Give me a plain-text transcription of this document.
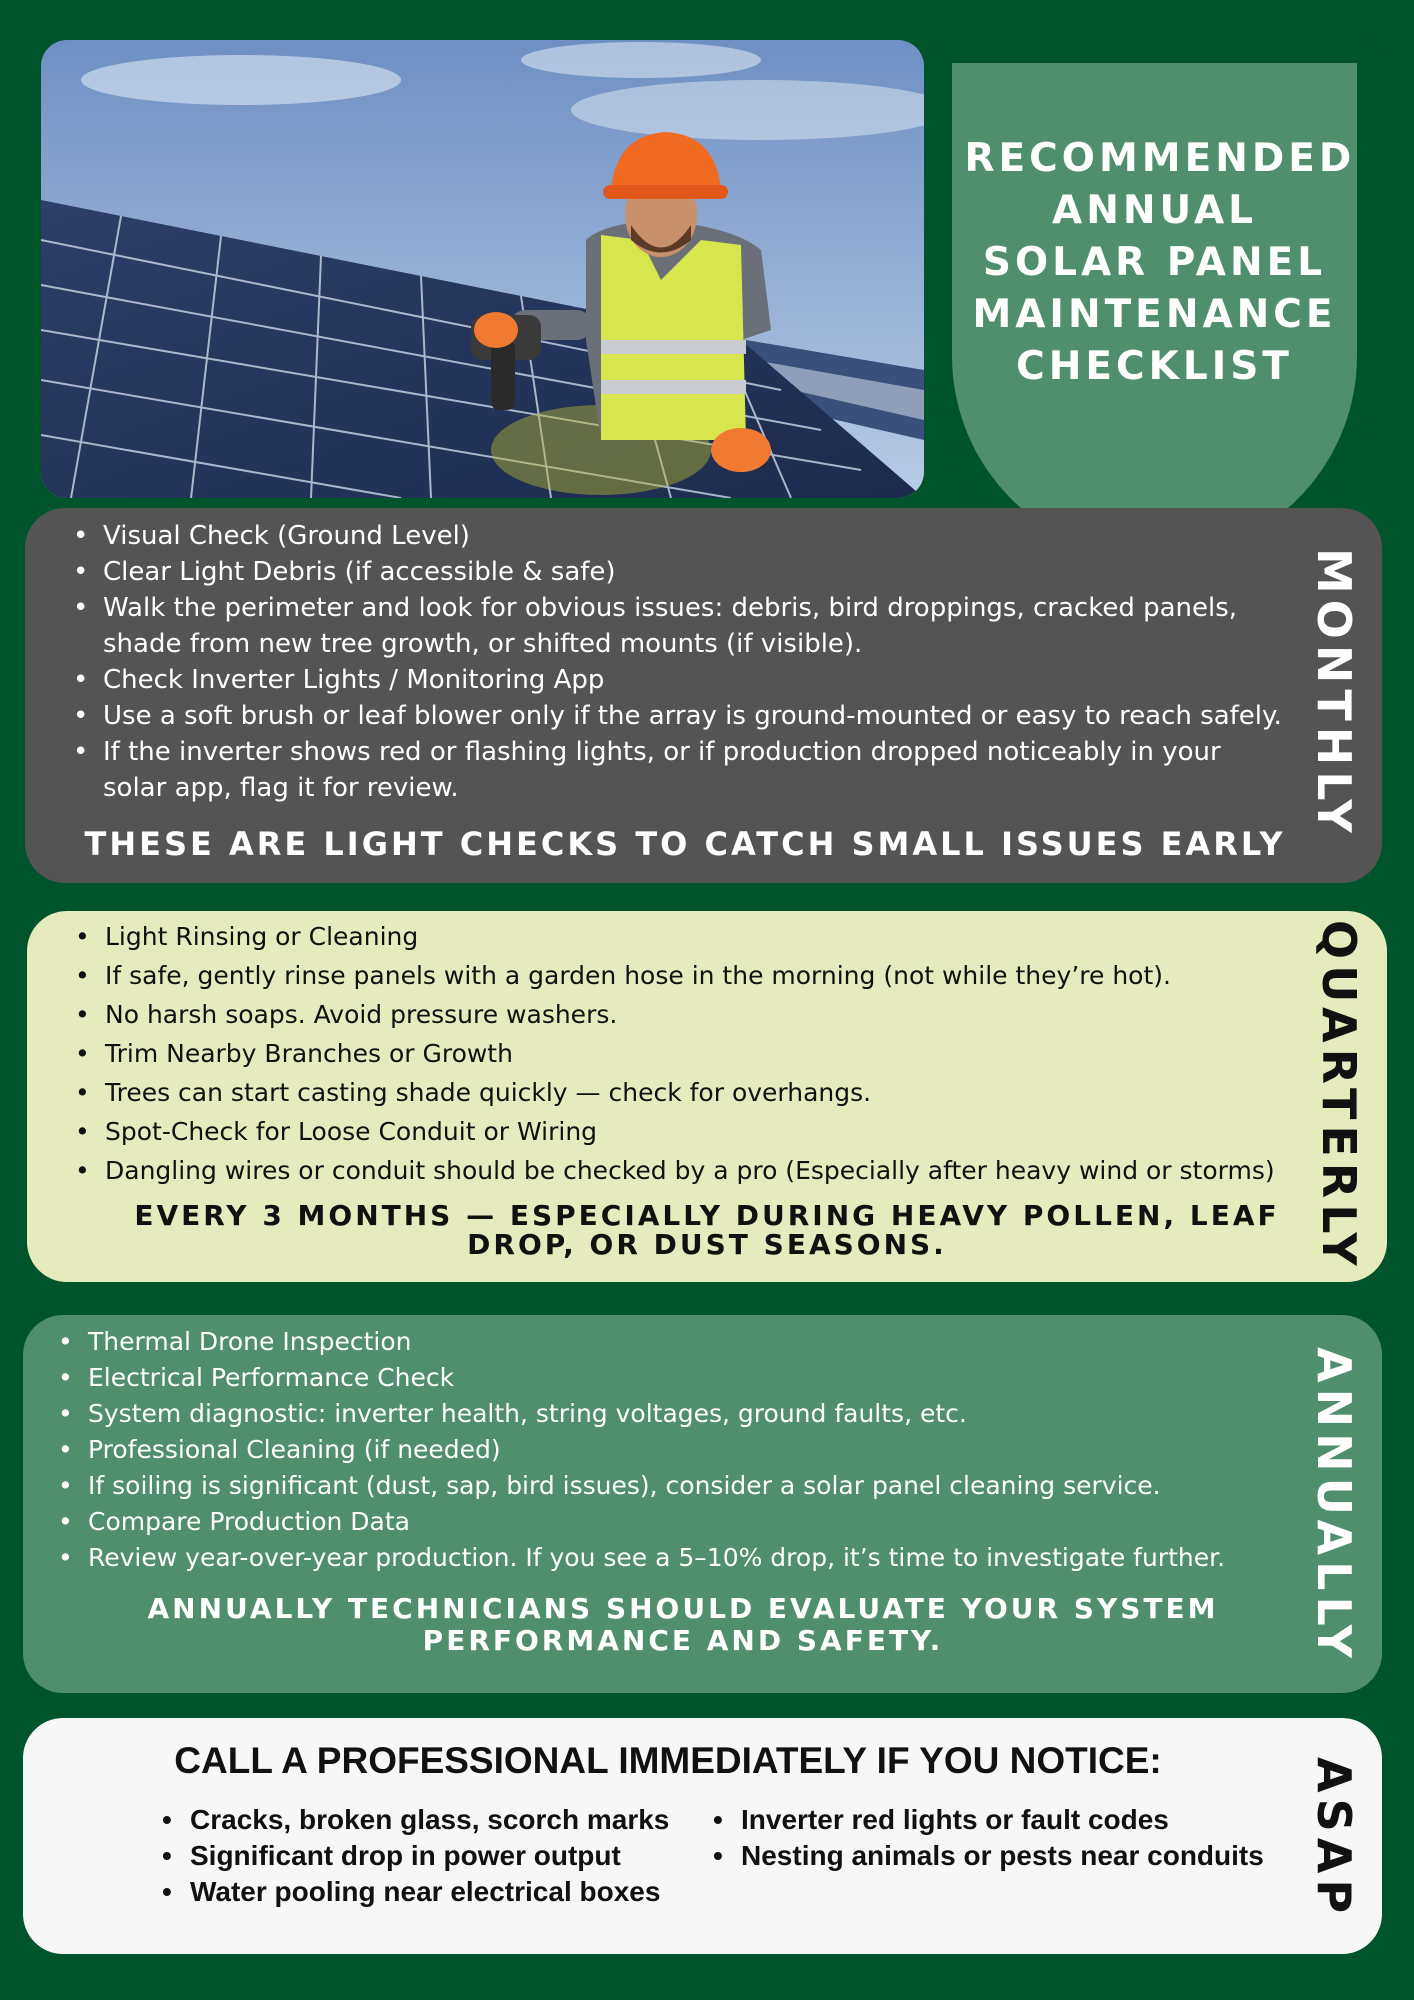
RECOMMENDED ANNUAL SOLAR PANEL MAINTENANCE CHECKLIST
• Visual Check (Ground Level)
• Clear Light Debris (if accessible & safe)
• Walk the perimeter and look for obvious issues: debris, bird droppings, cracked panels, shade from new tree growth, or shifted mounts (if visible).
• Check Inverter Lights / Monitoring App
• Use a soft brush or leaf blower only if the array is ground-mounted or easy to reach safely.
• If the inverter shows red or flashing lights, or if production dropped noticeably in your solar app, flag it for review.
THESE ARE LIGHT CHECKS TO CATCH SMALL ISSUES EARLY
MONTHLY
• Light Rinsing or Cleaning
• If safe, gently rinse panels with a garden hose in the morning (not while they’re hot).
• No harsh soaps. Avoid pressure washers.
• Trim Nearby Branches or Growth
• Trees can start casting shade quickly — check for overhangs.
• Spot-Check for Loose Conduit or Wiring
• Dangling wires or conduit should be checked by a pro (Especially after heavy wind or storms)
EVERY 3 MONTHS — ESPECIALLY DURING HEAVY POLLEN, LEAF DROP, OR DUST SEASONS.	QUARTERLY
• Thermal Drone Inspection
• Electrical Performance Check
• System diagnostic: inverter health, string voltages, ground faults, etc.
• Professional Cleaning (if needed)
• If soiling is significant (dust, sap, bird issues), consider a solar panel cleaning service.
• Compare Production Data
• Review year-over-year production. If you see a 5–10% drop, it’s time to investigate further.
ANNUALLY TECHNICIANS SHOULD EVALUATE YOUR SYSTEM PERFORMANCE AND SAFETY.	ANNUALLY
CALL A PROFESSIONAL IMMEDIATELY IF YOU NOTICE:
• Cracks, broken glass, scorch marks
• Significant drop in power output
• Water pooling near electrical boxes
• Inverter red lights or fault codes
• Nesting animals or pests near conduits ASAP
